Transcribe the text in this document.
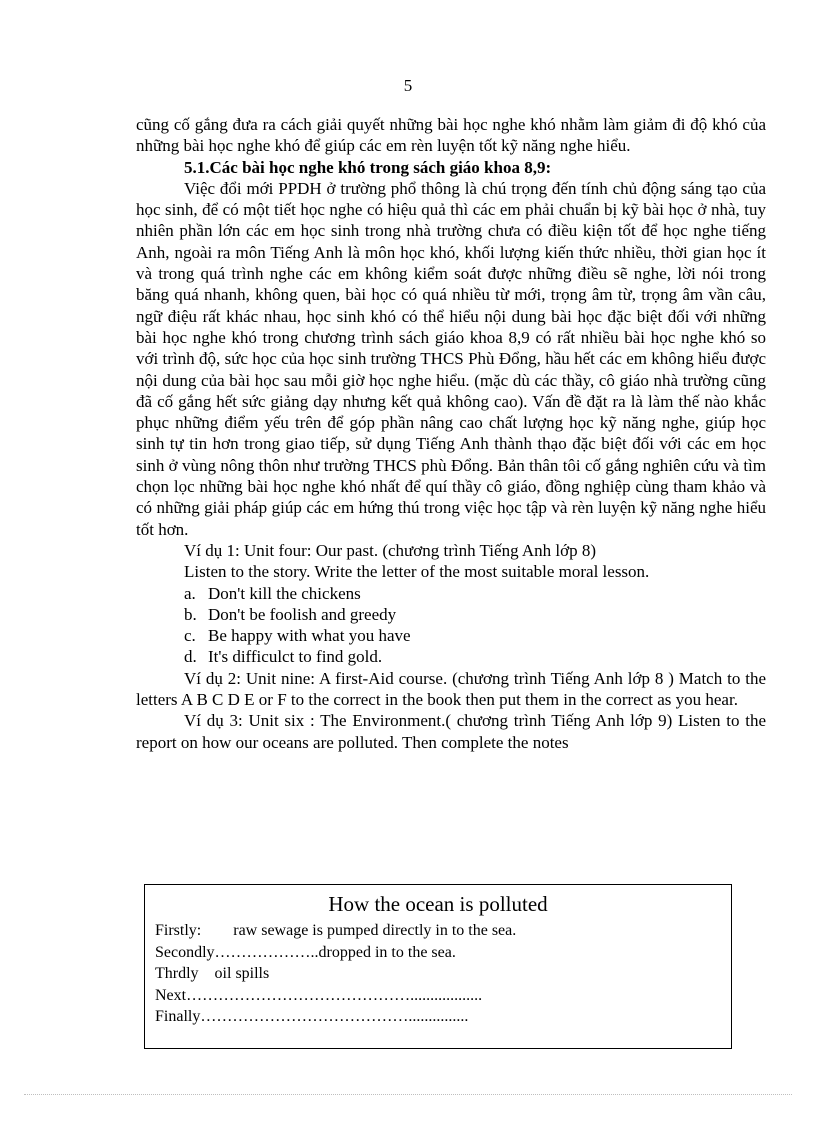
5

cũng cố gắng đưa ra cách giải quyết những bài học nghe khó nhằm làm giảm đi độ khó của những bài học nghe khó để giúp các em rèn luyện tốt kỹ năng nghe hiểu.

5.1.Các bài học nghe khó trong sách giáo khoa 8,9:

Việc đổi mới PPDH ở trường phổ thông là chú trọng đến tính chủ động sáng tạo của học sinh, để có một tiết học nghe có hiệu quả thì các em phải chuẩn bị kỹ bài học ở nhà, tuy nhiên phần lớn các em học sinh trong nhà trường chưa có điều kiện tốt để học nghe tiếng Anh, ngoài ra môn Tiếng Anh là môn học khó, khối lượng kiến thức nhiều, thời gian học ít và trong quá trình nghe các em không kiểm soát được những điều sẽ nghe, lời nói trong băng quá nhanh, không quen, bài học có quá nhiều từ mới, trọng âm từ, trọng âm vần câu, ngữ điệu rất khác nhau, học sinh khó có thể hiểu nội dung bài học đặc biệt đối với những bài học nghe khó trong chương trình sách giáo khoa 8,9 có rất nhiều bài học nghe khó so với trình độ, sức học của học sinh trường THCS Phù Đổng, hầu hết các em không hiểu được nội dung của bài học sau mỗi giờ học nghe hiểu. (mặc dù các thầy, cô giáo nhà trường cũng đã cố gắng hết sức giảng dạy nhưng kết quả không cao). Vấn đề đặt ra là làm thế nào khắc phục những điểm yếu trên để góp phần nâng cao chất lượng học kỹ năng nghe, giúp học sinh tự tin hơn trong giao tiếp, sử dụng Tiếng Anh thành thạo đặc biệt đối với các em học sinh ở vùng nông thôn như trường THCS phù Đổng. Bản thân tôi cố gắng nghiên cứu và tìm chọn lọc những bài học nghe khó nhất để quí thầy cô giáo, đồng nghiệp cùng tham khảo và có những giải pháp giúp các em hứng thú trong việc học tập và rèn luyện kỹ năng nghe hiểu tốt hơn.

Ví dụ 1: Unit four: Our past. (chương trình Tiếng Anh lớp 8)

Listen to the story. Write the letter of the most suitable moral lesson.

a. Don't kill the chickens
b. Don't be foolish and greedy
c. Be happy with what you have
d. It's difficulct to find gold.

Ví dụ 2: Unit nine: A first-Aid course. (chương trình Tiếng Anh lớp 8 ) Match to the letters A B C D E or F to the correct in the book then put them in the correct as you hear.

Ví dụ 3: Unit six : The Environment.( chương trình Tiếng Anh lớp 9) Listen to the report on how our oceans are polluted. Then complete the notes

How the ocean is polluted
Firstly:        raw sewage is pumped directly in to the sea.
Secondly………………..dropped in to the sea.
Thrdly    oil spills
Next……………………………………..................
Finally…………………………………...............
